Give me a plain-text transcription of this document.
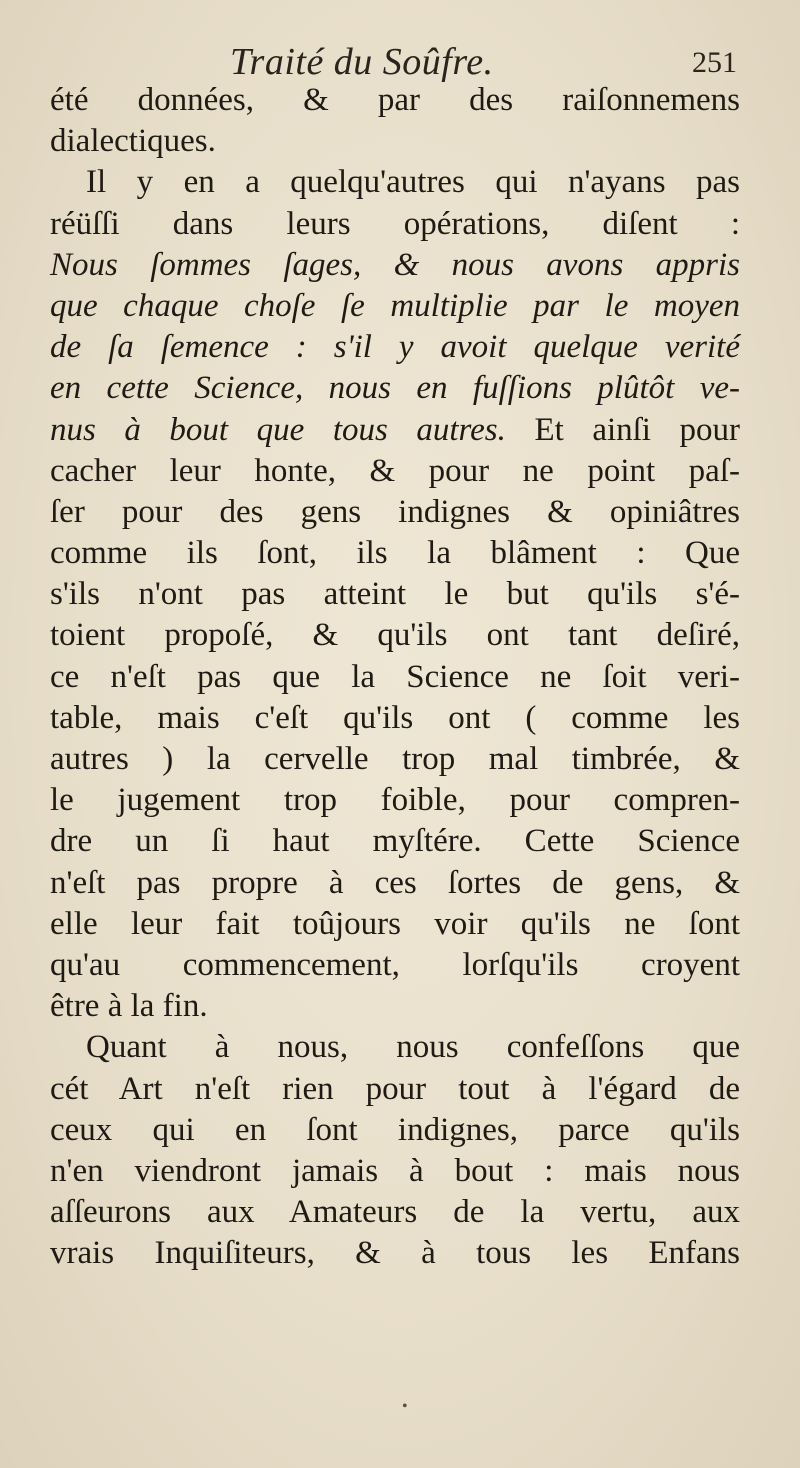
Traité du Soûfre.	251
été données, & par des raiſonnemens
dialectiques.
Il y en a quelqu'autres qui n'ayans pas
réüſſi dans leurs opérations, diſent :
Nous ſommes ſages, & nous avons appris
que chaque choſe ſe multiplie par le moyen
de ſa ſemence : s'il y avoit quelque verité
en cette Science, nous en fuſſions plûtôt ve-
nus à bout que tous autres. Et ainſi pour
cacher leur honte, & pour ne point paſ-
ſer pour des gens indignes & opiniâtres
comme ils ſont, ils la blâment : Que
s'ils n'ont pas atteint le but qu'ils s'é-
toient propoſé, & qu'ils ont tant deſiré,
ce n'eſt pas que la Science ne ſoit veri-
table, mais c'eſt qu'ils ont ( comme les
autres ) la cervelle trop mal timbrée, &
le jugement trop foible, pour compren-
dre un ſi haut myſtére. Cette Science
n'eſt pas propre à ces ſortes de gens, &
elle leur fait toûjours voir qu'ils ne ſont
qu'au commencement, lorſqu'ils croyent
être à la fin.
Quant à nous, nous confeſſons que
cét Art n'eſt rien pour tout à l'égard de
ceux qui en ſont indignes, parce qu'ils
n'en viendront jamais à bout : mais nous
aſſeurons aux Amateurs de la vertu, aux
vrais Inquiſiteurs, & à tous les Enfans
•
